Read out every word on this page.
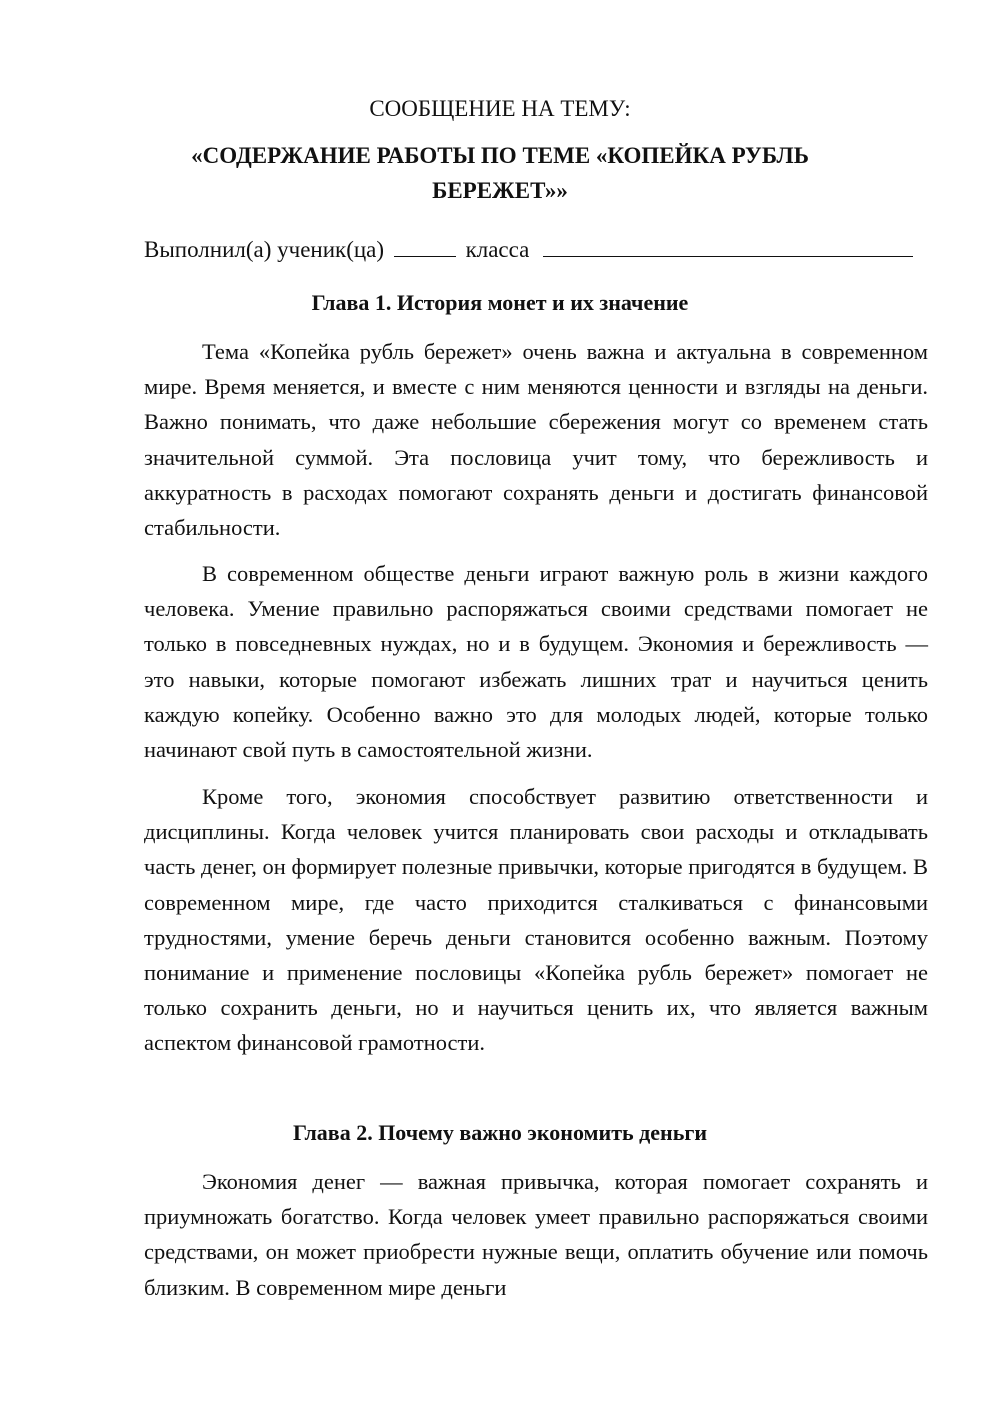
СООБЩЕНИЕ НА ТЕМУ:
«СОДЕРЖАНИЕ РАБОТЫ ПО ТЕМЕ «КОПЕЙКА РУБЛЬ
БЕРЕЖЕТ»»
Выполнил(а) ученик(ца)	класса
Глава 1. История монет и их значение

Тема «Копейка рубль бережет» очень важна и актуальна в современном мире. Время меняется, и вместе с ним меняются ценности и взгляды на деньги. Важно понимать, что даже небольшие сбережения могут со временем стать значительной суммой. Эта пословица учит тому, что бережливость и аккуратность в расходах помогают сохранять деньги и достигать финансовой стабильности.

В современном обществе деньги играют важную роль в жизни каждого человека. Умение правильно распоряжаться своими средствами помогает не только в повседневных нуждах, но и в будущем. Экономия и бережливость — это навыки, которые помогают избежать лишних трат и научиться ценить каждую копейку. Особенно важно это для молодых людей, которые только начинают свой путь в самостоятельной жизни.

Кроме того, экономия способствует развитию ответственности и дисциплины. Когда человек учится планировать свои расходы и откладывать часть денег, он формирует полезные привычки, которые пригодятся в будущем. В современном мире, где часто приходится сталкиваться с финансовыми трудностями, умение беречь деньги становится особенно важным. Поэтому понимание и применение пословицы «Копейка рубль бережет» помогает не только сохранить деньги, но и научиться ценить их, что является важным аспектом финансовой грамотности.

Глава 2. Почему важно экономить деньги

Экономия денег — важная привычка, которая помогает сохранять и приумножать богатство. Когда человек умеет правильно распоряжаться своими средствами, он может приобрести нужные вещи, оплатить обучение или помочь близким. В современном мире деньги
